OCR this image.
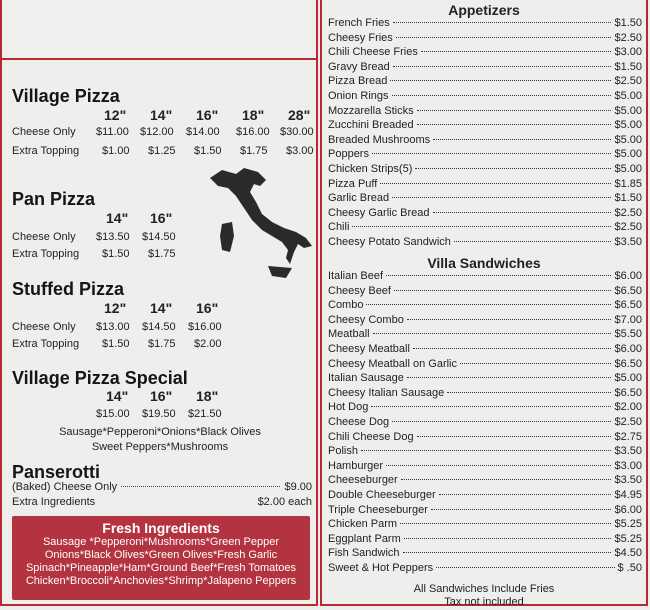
Village Pizza
12" 14" 16" 18" 28"
Cheese Only $11.00 $12.00 $14.00 $16.00 $30.00
Extra Topping $1.00 $1.25 $1.50 $1.75 $3.00
Pan Pizza
14" 16"
Cheese Only $13.50 $14.50
Extra Topping $1.50 $1.75
Stuffed Pizza
12" 14" 16"
Cheese Only $13.00 $14.50 $16.00
Extra Topping $1.50 $1.75 $2.00
Village Pizza Special
14" 16" 18"
$15.00 $19.50 $21.50
Sausage*Pepperoni*Onions*Black Olives
Sweet Peppers*Mushrooms
Panserotti
(Baked) Cheese Only	$9.00
Extra Ingredients	$2.00 each
Fresh Ingredients
Sausage *Pepperoni*Mushrooms*Green Pepper
Onions*Black Olives*Green Olives*Fresh Garlic
Spinach*Pineapple*Ham*Ground Beef*Fresh Tomatoes
Chicken*Broccoli*Anchovies*Shrimp*Jalapeno Peppers
Appetizers
French Fries	$1.50
Cheesy Fries	$2.50
Chili Cheese Fries	$3.00
Gravy Bread	$1.50
Pizza Bread	$2.50
Onion Rings	$5.00
Mozzarella Sticks	$5.00
Zucchini Breaded	$5.00
Breaded Mushrooms	$5.00
Poppers	$5.00
Chicken Strips(5)	$5.00
Pizza Puff	$1.85
Garlic Bread	$1.50
Cheesy Garlic Bread	$2.50
Chili	$2.50
Cheesy Potato Sandwich	$3.50
Villa Sandwiches
Italian Beef	$6.00
Cheesy Beef	$6.50
Combo	$6.50
Cheesy Combo	$7.00
Meatball	$5.50
Cheesy Meatball	$6.00
Cheesy Meatball on Garlic	$6.50
Italian Sausage	$5.00
Cheesy Italian Sausage	$6.50
Hot Dog	$2.00
Cheese Dog	$2.50
Chili Cheese Dog	$2.75
Polish	$3.50
Hamburger	$3.00
Cheeseburger	$3.50
Double Cheeseburger	$4.95
Triple Cheeseburger	$6.00
Chicken Parm	$5.25
Eggplant Parm	$5.25
Fish Sandwich	$4.50
Sweet & Hot Peppers	$ .50
All Sandwiches Include Fries
Tax not included
